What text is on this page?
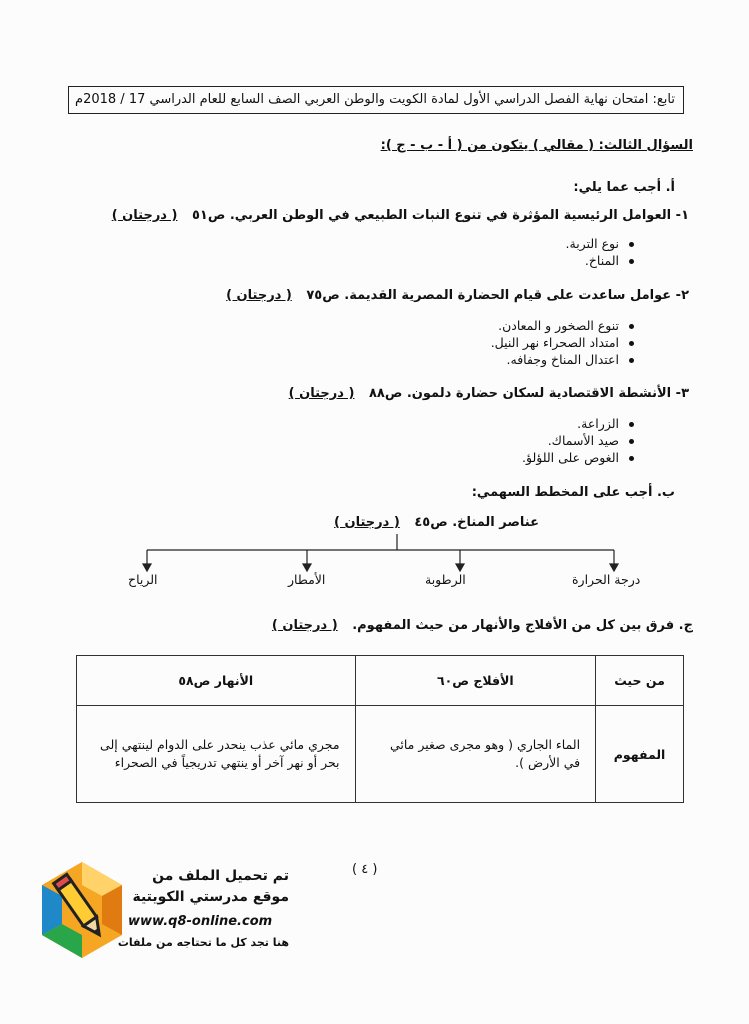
تابع: امتحان نهاية الفصل الدراسي الأول لمادة الكويت والوطن العربي الصف السابع للعام الدراسي 17 / 2018م
السؤال الثالث: ( مقالي ) يتكون من ( أ - ب - ج ):
أ. أجب عما يلي:
١- العوامل الرئيسية المؤثرة في تنوع النبات الطبيعي في الوطن العربي. ص٥١ ( درجتان )
نوع التربة.
المناخ.
٢- عوامل ساعدت على قيام الحضارة المصرية القديمة. ص٧٥ ( درجتان )
تنوع الصخور و المعادن.
امتداد الصحراء نهر النيل.
اعتدال المناخ وجفافه.
٣- الأنشطة الاقتصادية لسكان حضارة دلمون. ص٨٨ ( درجتان )
الزراعة.
صيد الأسماك.
الغوص على اللؤلؤ.
ب. أجب على المخطط السهمي:
عناصر المناخ. ص٤٥ ( درجتان )
درجة الحرارة
الرطوبة
الأمطار
الرياح
ج. فرق بين كل من الأفلاج والأنهار من حيث المفهوم. ( درجتان )
من حيث	الأفلاج ص٦٠	الأنهار ص٥٨
المفهوم	الماء الجاري ( وهو مجرى صغير مائي في الأرض ).	مجري مائي عذب ينحدر على الدوام لينتهي إلى بحر أو نهر آخر أو ينتهي تدريجياً في الصحراء
( ٤ )
تم تحميل الملف من
موقع مدرستي الكويتية
www.q8-online.com
هنا تجد كل ما تحتاجه من ملفات
